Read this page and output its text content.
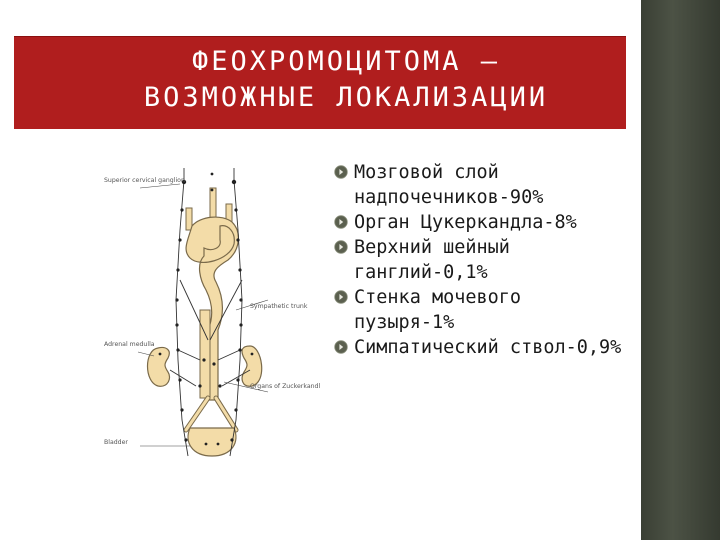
ФЕОХРОМОЦИТОМА –
ВОЗМОЖНЫЕ ЛОКАЛИЗАЦИИ
Superior cervical ganglion
Sympathetic trunk
Adrenal medulla
Organs of Zuckerkandl
Bladder
Мозговой слой надпочечников-90%
Орган Цукеркандла-8%
Верхний шейный ганглий-0,1%
Стенка мочевого пузыря-1%
Симпатический ствол-0,9%
